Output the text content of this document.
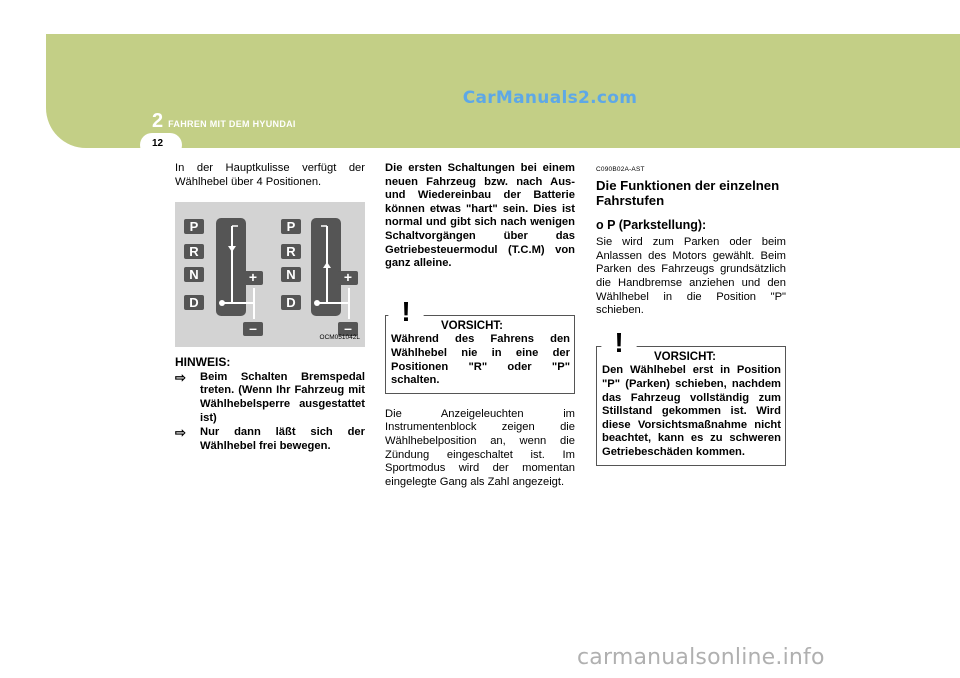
CarManuals2.com
2 FAHREN MIT DEM HYUNDAI
12
In der Hauptkulisse verfügt der Wählhebel über 4 Positionen.
P
R
N
D
+
–
P
R
N
D
+
–
OCM051042L
HINWEIS:
⇨	Beim Schalten Bremspedal treten. (Wenn Ihr Fahrzeug mit Wählhebelsperre ausgestattet ist)
⇨	Nur dann läßt sich der Wählhebel frei bewegen.
Die ersten Schaltungen bei einem neuen Fahrzeug bzw. nach Aus- und Wiedereinbau der Batterie können etwas "hart" sein. Dies ist normal und gibt sich nach wenigen Schaltvorgängen über das Getriebesteuermodul (T.C.M) von ganz alleine.
!	VORSICHT:
Während des Fahrens den Wählhebel nie in eine der Positionen "R" oder "P" schalten.
Die Anzeigeleuchten im Instrumentenblock zeigen die Wählhebelposition an, wenn die Zündung eingeschaltet ist. Im Sportmodus wird der momentan eingelegte Gang als Zahl angezeigt.
C090B02A-AST
Die Funktionen der einzelnen Fahrstufen
o P (Parkstellung):
Sie wird zum Parken oder beim Anlassen des Motors gewählt. Beim Parken des Fahrzeugs grundsätzlich die Handbremse anziehen und den Wählhebel in die Position "P" schieben.
!	VORSICHT:
Den Wählhebel erst in Position "P" (Parken) schieben, nachdem das Fahrzeug vollständig zum Stillstand gekommen ist. Wird diese Vorsichtsmaßnahme nicht beachtet, kann es zu schweren Getriebeschäden kommen.
carmanualsonline.info
